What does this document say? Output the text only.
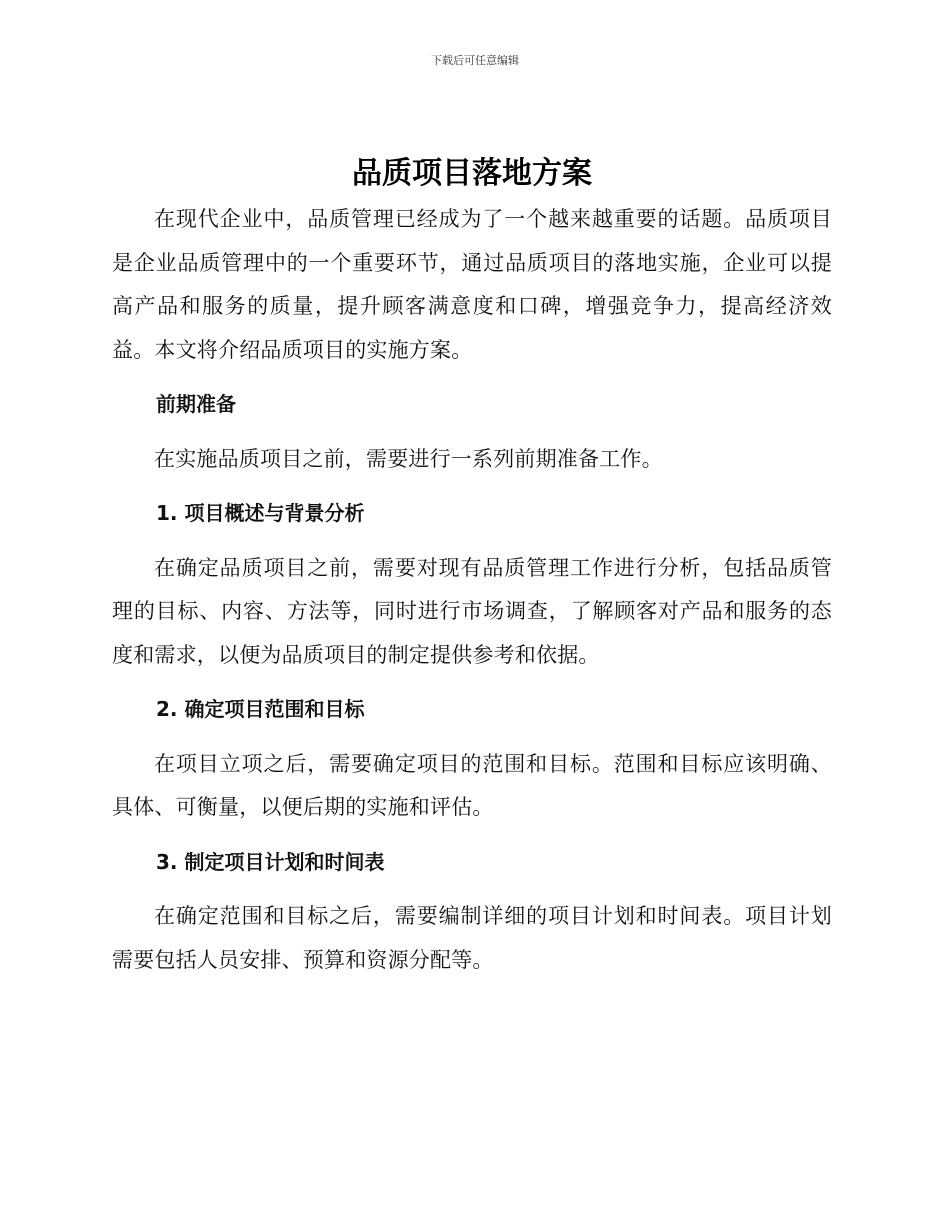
下载后可任意编辑
品质项目落地方案

在现代企业中，品质管理已经成为了一个越来越重要的话题。品质项目是企业品质管理中的一个重要环节，通过品质项目的落地实施，企业可以提高产品和服务的质量，提升顾客满意度和口碑，增强竞争力，提高经济效益。本文将介绍品质项目的实施方案。

前期准备

在实施品质项目之前，需要进行一系列前期准备工作。

1. 项目概述与背景分析

在确定品质项目之前，需要对现有品质管理工作进行分析，包括品质管理的目标、内容、方法等，同时进行市场调查，了解顾客对产品和服务的态度和需求，以便为品质项目的制定提供参考和依据。

2. 确定项目范围和目标

在项目立项之后，需要确定项目的范围和目标。范围和目标应该明确、具体、可衡量，以便后期的实施和评估。

3. 制定项目计划和时间表

在确定范围和目标之后，需要编制详细的项目计划和时间表。项目计划需要包括人员安排、预算和资源分配等。
